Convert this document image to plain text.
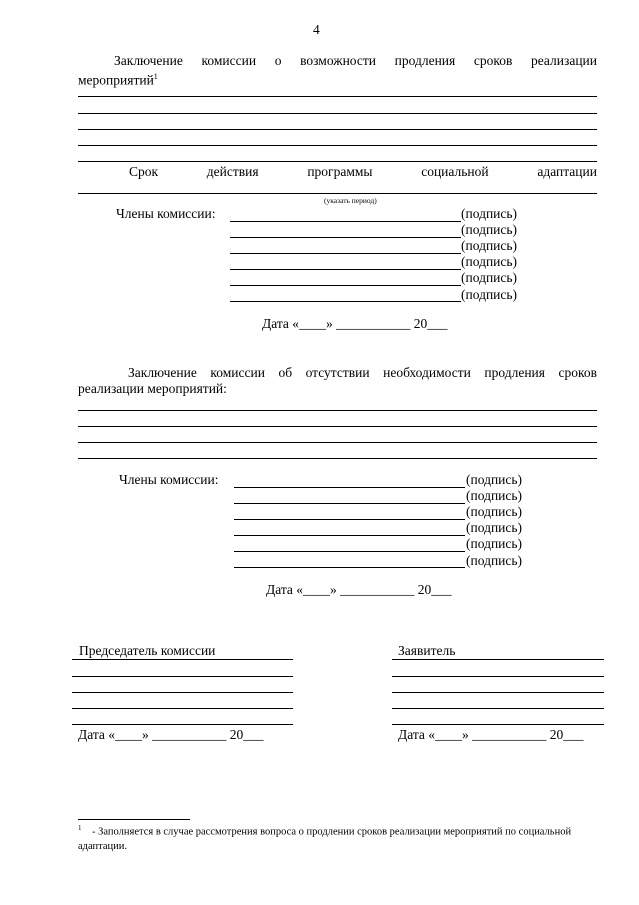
4
Заключение комиссии о возможности продления сроков реализации
мероприятий$^1$
Срок	действия	программы	социальной	адаптации
(указать период)
Члены комиссии:	(подпись)
(подпись)
(подпись)
(подпись)
(подпись)
(подпись)
Дата «____» ___________ 20___
Заключение комиссии об отсутствии необходимости продления сроков
реализации мероприятий:
Члены комиссии:	(подпись)
(подпись)
(подпись)
(подпись)
(подпись)
(подпись)
Дата «____» ___________ 20___
Председатель комиссии
Дата «____» ___________ 20___
Заявитель
Дата «____» ___________ 20___
$^1$ - Заполняется в случае рассмотрения вопроса о продлении сроков реализации мероприятий по социальной адаптации.
